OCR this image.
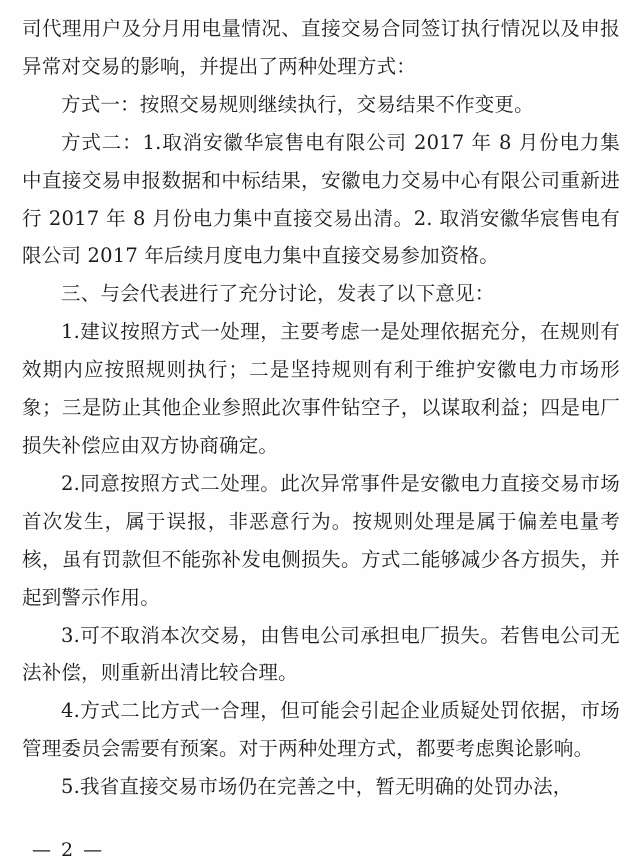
司代理用户及分月用电量情况、直接交易合同签订执行情况以及申报异常对交易的影响，并提出了两种处理方式：

方式一：按照交易规则继续执行，交易结果不作变更。

方式二：1.取消安徽华宸售电有限公司 2017 年 8 月份电力集中直接交易申报数据和中标结果，安徽电力交易中心有限公司重新进行 2017 年 8 月份电力集中直接交易出清。2. 取消安徽华宸售电有限公司 2017 年后续月度电力集中直接交易参加资格。

三、与会代表进行了充分讨论，发表了以下意见：

1.建议按照方式一处理，主要考虑一是处理依据充分，在规则有效期内应按照规则执行；二是坚持规则有利于维护安徽电力市场形象；三是防止其他企业参照此次事件钻空子，以谋取利益；四是电厂损失补偿应由双方协商确定。

2.同意按照方式二处理。此次异常事件是安徽电力直接交易市场首次发生，属于误报，非恶意行为。按规则处理是属于偏差电量考核，虽有罚款但不能弥补发电侧损失。方式二能够减少各方损失，并起到警示作用。

3.可不取消本次交易，由售电公司承担电厂损失。若售电公司无法补偿，则重新出清比较合理。

4.方式二比方式一合理，但可能会引起企业质疑处罚依据，市场管理委员会需要有预案。对于两种处理方式，都要考虑舆论影响。

5.我省直接交易市场仍在完善之中，暂无明确的处罚办法，

— 2 —
